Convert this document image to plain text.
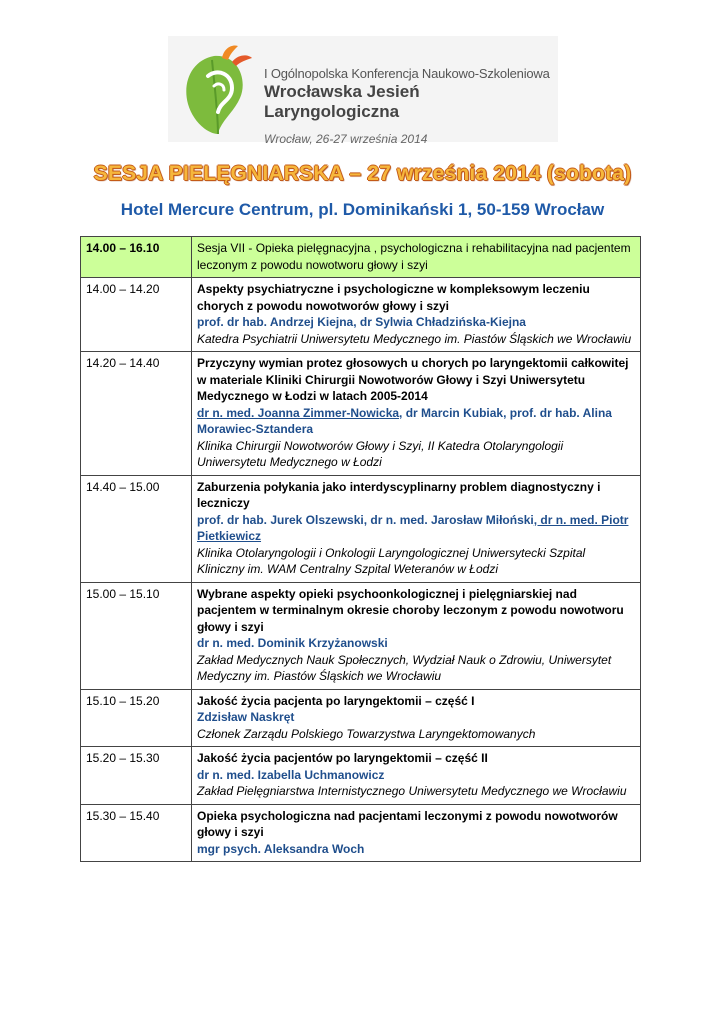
I Ogólnopolska Konferencja Naukowo-Szkoleniowa
Wrocławska Jesień Laryngologiczna
Wrocław, 26-27 września 2014
SESJA PIELĘGNIARSKA – 27 września 2014 (sobota)
Hotel Mercure Centrum, pl. Dominikański 1, 50-159 Wrocław
14.00 – 16.10	Sesja VII - Opieka pielęgnacyjna , psychologiczna i rehabilitacyjna nad pacjentem leczonym z powodu nowotworu głowy i szyi
14.00 – 14.20	Aspekty psychiatryczne i psychologiczne w kompleksowym leczeniu chorych z powodu nowotworów głowy i szyi
prof. dr hab. Andrzej Kiejna, dr Sylwia Chładzińska-Kiejna
Katedra Psychiatrii Uniwersytetu Medycznego im. Piastów Śląskich we Wrocławiu

14.20 – 14.40	Przyczyny wymian protez głosowych u chorych po laryngektomii całkowitej w materiale Kliniki Chirurgii Nowotworów Głowy i Szyi Uniwersytetu Medycznego w Łodzi w latach 2005-2014
dr n. med. Joanna Zimmer-Nowicka, dr Marcin Kubiak, prof. dr hab. Alina Morawiec-Sztandera
Klinika Chirurgii Nowotworów Głowy i Szyi, II Katedra Otolaryngologii Uniwersytetu Medycznego w Łodzi

14.40 – 15.00	Zaburzenia połykania jako interdyscyplinarny problem diagnostyczny i leczniczy
prof. dr hab. Jurek Olszewski, dr n. med. Jarosław Miłoński, dr n. med. Piotr Pietkiewicz
Klinika Otolaryngologii i Onkologii Laryngologicznej Uniwersytecki Szpital Kliniczny im. WAM Centralny Szpital Weteranów w Łodzi

15.00 – 15.10	Wybrane aspekty opieki psychoonkologicznej i pielęgniarskiej nad pacjentem w terminalnym okresie choroby leczonym z powodu nowotworu głowy i szyi
dr n. med. Dominik Krzyżanowski
Zakład Medycznych Nauk Społecznych, Wydział Nauk o Zdrowiu, Uniwersytet Medyczny im. Piastów Śląskich we Wrocławiu

15.10 – 15.20	Jakość życia pacjenta po laryngektomii – część I
Zdzisław Naskręt
Członek Zarządu Polskiego Towarzystwa Laryngektomowanych

15.20 – 15.30	Jakość życia pacjentów po laryngektomii – część II
dr n. med. Izabella Uchmanowicz
Zakład Pielęgniarstwa Internistycznego Uniwersytetu Medycznego we Wrocławiu

15.30 – 15.40	Opieka psychologiczna nad pacjentami leczonymi z powodu nowotworów głowy i szyi
mgr psych. Aleksandra Woch
